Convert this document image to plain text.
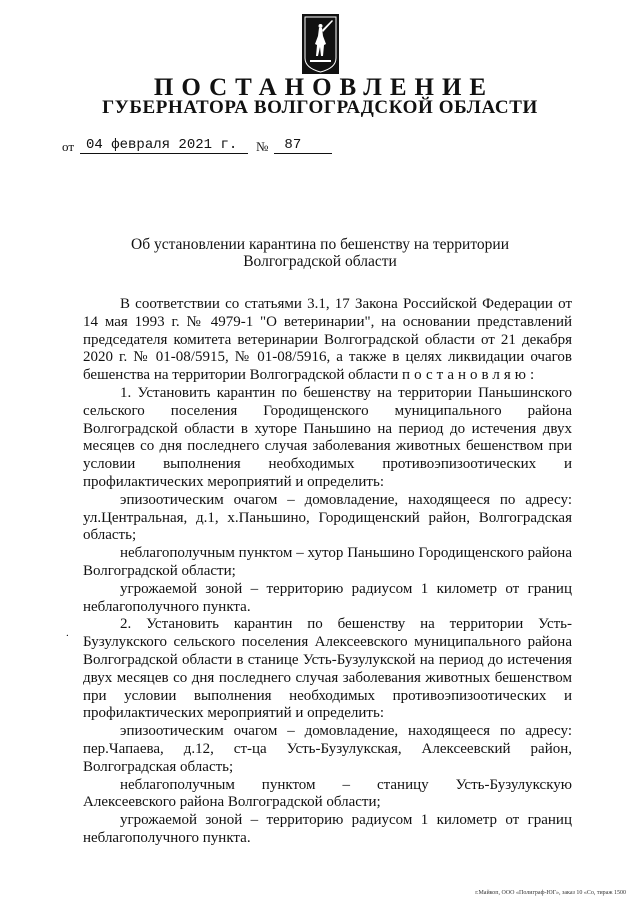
ПОСТАНОВЛЕНИЕ
ГУБЕРНАТОРА ВОЛГОГРАДСКОЙ ОБЛАСТИ
от 04 февраля 2021 г. № 87
Об установлении карантина по бешенству на территории
Волгоградской области

В соответствии со статьями 3.1, 17 Закона Российской Федерации от 14 мая 1993 г. № 4979-1 "О ветеринарии", на основании представлений председателя комитета ветеринарии Волгоградской области от 21 декабря 2020 г. № 01-08/5915, № 01-08/5916, а также в целях ликвидации очагов бешенства на территории Волгоградской области постановляю:

1. Установить карантин по бешенству на территории Паньшинского сельского поселения Городищенского муниципального района Волгоградской области в хуторе Паньшино на период до истечения двух месяцев со дня последнего случая заболевания животных бешенством при условии выполнения необходимых противоэпизоотических и профилактических мероприятий и определить:

эпизоотическим очагом – домовладение, находящееся по адресу: ул.Центральная, д.1, х.Паньшино, Городищенский район, Волгоградская область;

неблагополучным пунктом – хутор Паньшино Городищенского района Волгоградской области;

угрожаемой зоной – территорию радиусом 1 километр от границ неблагополучного пункта.

2. Установить карантин по бешенству на территории Усть-Бузулукского сельского поселения Алексеевского муниципального района Волгоградской области в станице Усть-Бузулукской на период до истечения двух месяцев со дня последнего случая заболевания животных бешенством при условии выполнения необходимых противоэпизоотических и профилактических мероприятий и определить:

эпизоотическим очагом – домовладение, находящееся по адресу: пер.Чапаева, д.12, ст-ца Усть-Бузулукская, Алексеевский район, Волгоградская область;

неблагополучным пунктом – станицу Усть-Бузулукскую Алексеевского района Волгоградской области;

угрожаемой зоной – территорию радиусом 1 километр от границ неблагополучного пункта.

.
г.Майкоп, ООО «Полиграф-ЮГ», заказ 10 «Со, тираж 1500
